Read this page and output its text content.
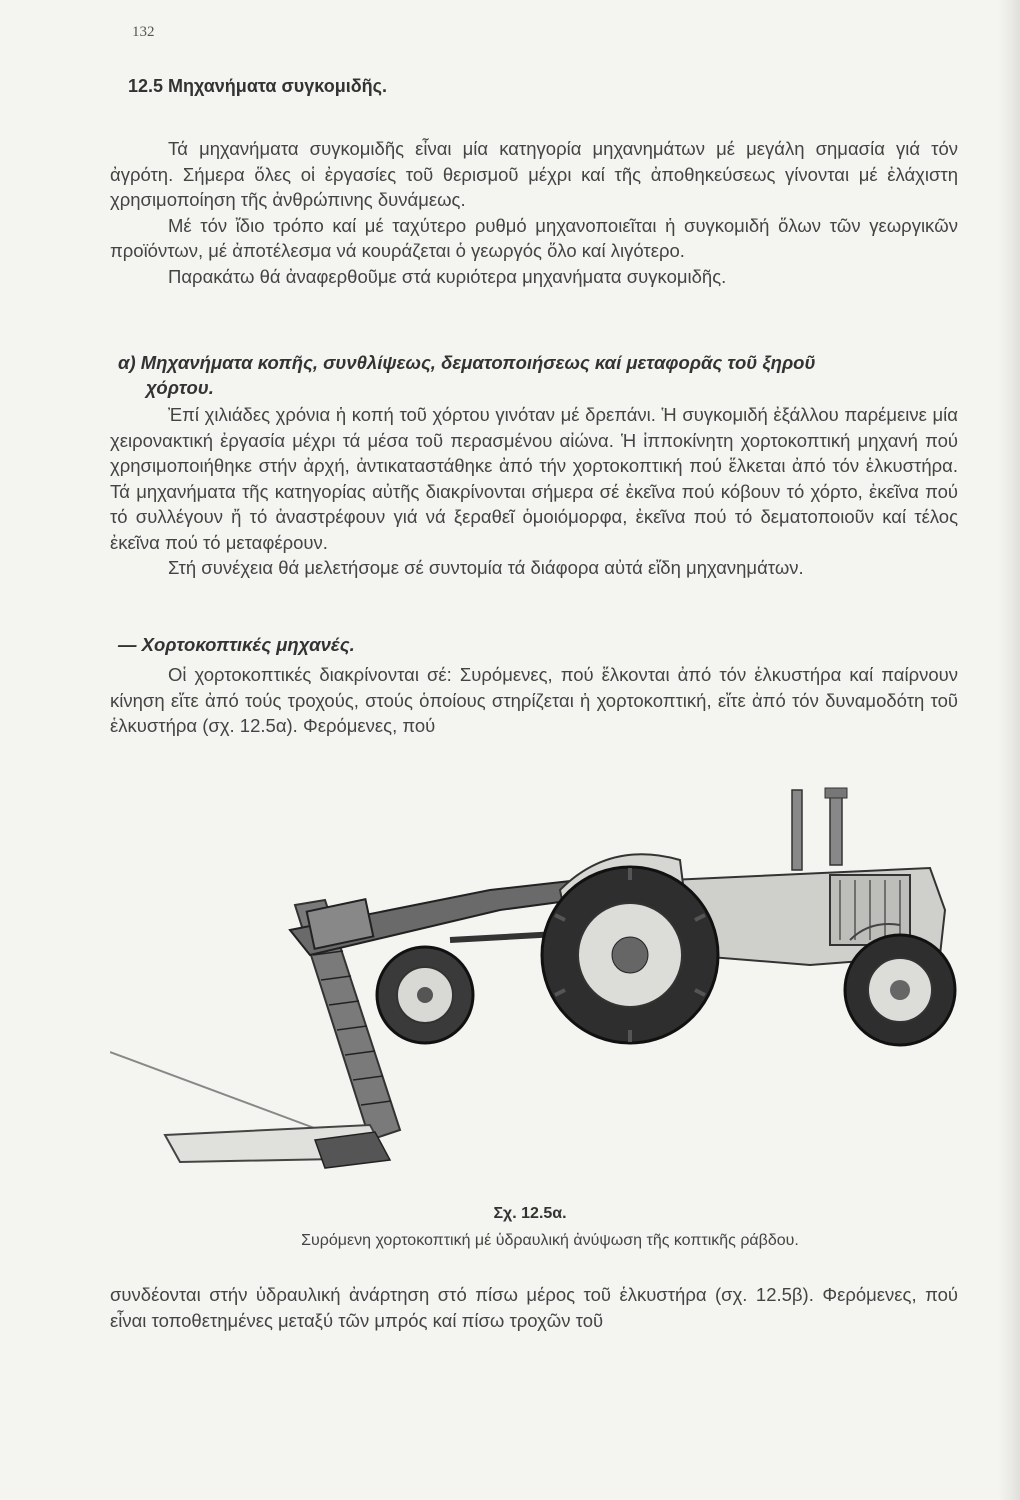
132
12.5 Μηχανήματα συγκομιδῆς.

Τά μηχανήματα συγκομιδῆς εἶναι μία κατηγορία μηχανημάτων μέ μεγάλη σημασία γιά τόν ἀγρότη. Σήμερα ὅλες οἱ ἐργασίες τοῦ θερισμοῦ μέχρι καί τῆς ἀποθηκεύσεως γίνονται μέ ἐλάχιστη χρησιμοποίηση τῆς ἀνθρώπινης δυνάμεως.

Μέ τόν ἴδιο τρόπο καί μέ ταχύτερο ρυθμό μηχανοποιεῖται ἡ συγκομιδή ὅλων τῶν γεωργικῶν προϊόντων, μέ ἀποτέλεσμα νά κουράζεται ὁ γεωργός ὅλο καί λιγότερο.

Παρακάτω θά ἀναφερθοῦμε στά κυριότερα μηχανήματα συγκομιδῆς.

α) Μηχανήματα κοπῆς, συνθλίψεως, δεματοποιήσεως καί μεταφορᾶς τοῦ ξηροῦ
χόρτου.

Ἐπί χιλιάδες χρόνια ἡ κοπή τοῦ χόρτου γινόταν μέ δρεπάνι. Ἡ συγκομιδή ἐξάλλου παρέμεινε μία χειρονακτική ἐργασία μέχρι τά μέσα τοῦ περασμένου αἰώνα. Ἡ ἱπποκίνητη χορτοκοπτική μηχανή πού χρησιμοποιήθηκε στήν ἀρχή, ἀντικαταστάθηκε ἀπό τήν χορτοκοπτική πού ἕλκεται ἀπό τόν ἑλκυστήρα. Τά μηχανήματα τῆς κατηγορίας αὐτῆς διακρίνονται σήμερα σέ ἐκεῖνα πού κόβουν τό χόρτο, ἐκεῖνα πού τό συλλέγουν ἤ τό ἀναστρέφουν γιά νά ξεραθεῖ ὁμοιόμορφα, ἐκεῖνα πού τό δεματοποιοῦν καί τέλος ἐκεῖνα πού τό μεταφέρουν.

Στή συνέχεια θά μελετήσομε σέ συντομία τά διάφορα αὐτά εἴδη μηχανημάτων.

— Χορτοκοπτικές μηχανές.

Οἱ χορτοκοπτικές διακρίνονται σέ: Συρόμενες, πού ἕλκονται ἀπό τόν ἑλκυστήρα καί παίρνουν κίνηση εἴτε ἀπό τούς τροχούς, στούς ὁποίους στηρίζεται ἡ χορτοκοπτική, εἴτε ἀπό τόν δυναμοδότη τοῦ ἑλκυστήρα (σχ. 12.5α). Φερόμενες, πού

Σχ. 12.5α.
Συρόμενη χορτοκοπτική μέ ὑδραυλική ἀνύψωση τῆς κοπτικῆς ράβδου.

συνδέονται στήν ὑδραυλική ἀνάρτηση στό πίσω μέρος τοῦ ἑλκυστήρα (σχ. 12.5β). Φερόμενες, πού εἶναι τοποθετημένες μεταξύ τῶν μπρός καί πίσω τροχῶν τοῦ
